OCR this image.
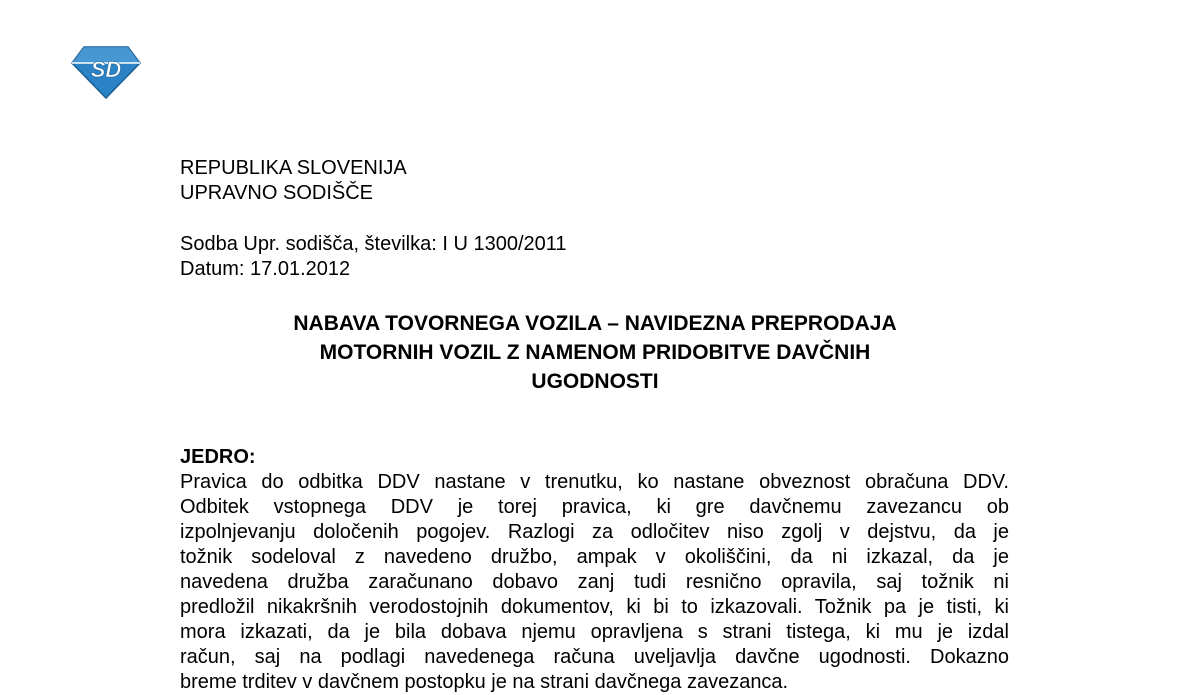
SD
REPUBLIKA SLOVENIJA
UPRAVNO SODIŠČE
Sodba Upr. sodišča, številka: I U 1300/2011
Datum: 17.01.2012
NABAVA TOVORNEGA VOZILA – NAVIDEZNA PREPRODAJA
MOTORNIH VOZIL Z NAMENOM PRIDOBITVE DAVČNIH
UGODNOSTI
JEDRO:
Pravica do odbitka DDV nastane v trenutku, ko nastane obveznost obračuna DDV.
Odbitek vstopnega DDV je torej pravica, ki gre davčnemu zavezancu ob
izpolnjevanju določenih pogojev. Razlogi za odločitev niso zgolj v dejstvu, da je
tožnik sodeloval z navedeno družbo, ampak v okoliščini, da ni izkazal, da je
navedena družba zaračunano dobavo zanj tudi resnično opravila, saj tožnik ni
predložil nikakršnih verodostojnih dokumentov, ki bi to izkazovali. Tožnik pa je tisti, ki
mora izkazati, da je bila dobava njemu opravljena s strani tistega, ki mu je izdal
račun, saj na podlagi navedenega računa uveljavlja davčne ugodnosti. Dokazno
breme trditev v davčnem postopku je na strani davčnega zavezanca.
